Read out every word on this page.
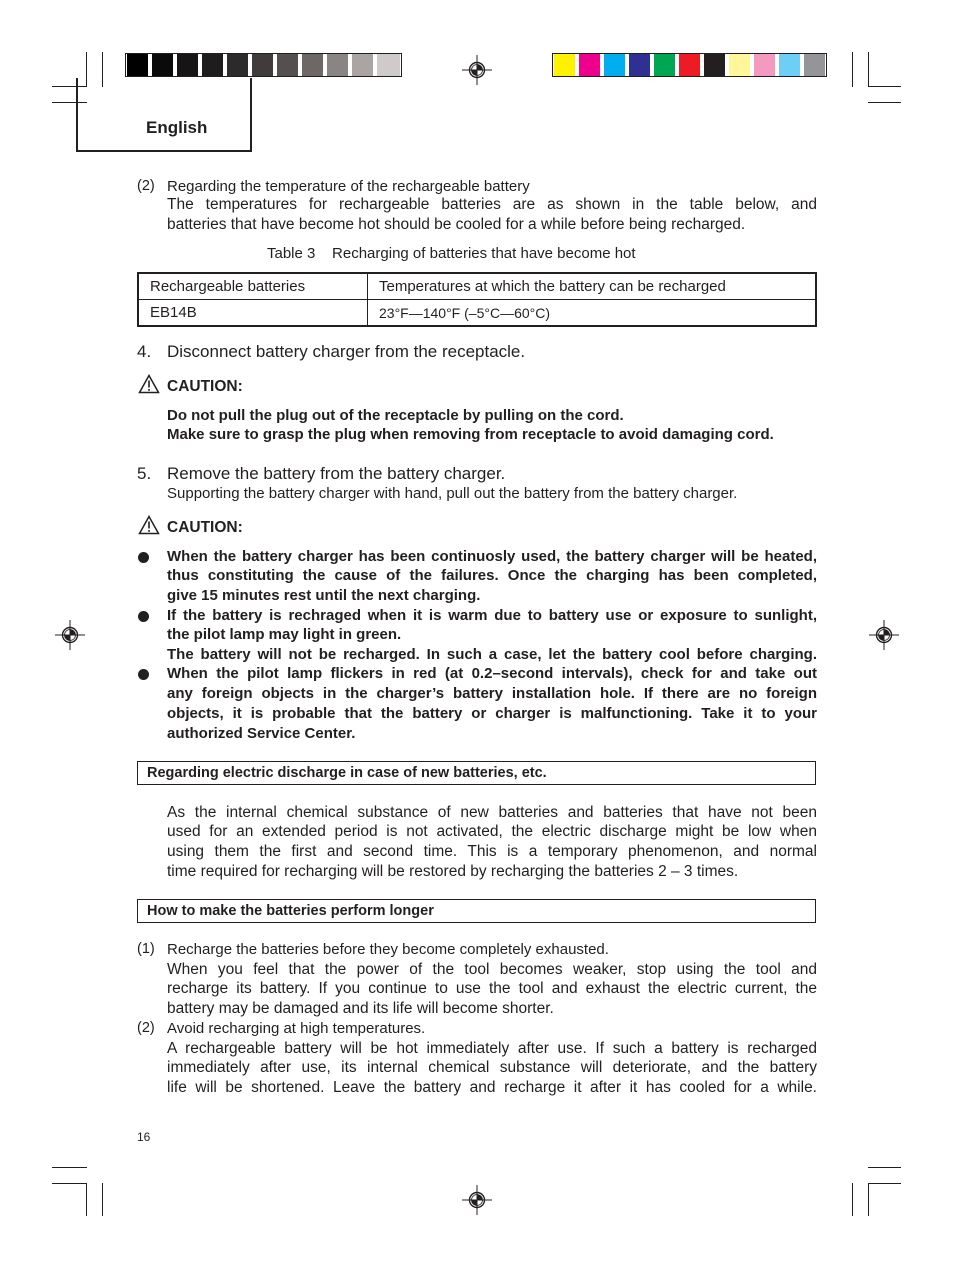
English
(2) Regarding the temperature of the rechargeable battery
The temperatures for rechargeable batteries are as shown in the table below, and
batteries that have become hot should be cooled for a while before being recharged.
Table 3    Recharging of batteries that have become hot
Rechargeable batteries	Temperatures at which the battery can be recharged
EB14B	23°F—140°F (–5°C—60°C)
4. Disconnect battery charger from the receptacle.
CAUTION:
Do not pull the plug out of the receptacle by pulling on the cord.
Make sure to grasp the plug when removing from receptacle to avoid damaging cord.
5. Remove the battery from the battery charger.
Supporting the battery charger with hand, pull out the battery from the battery charger.
CAUTION:
When the battery charger has been continuosly used, the battery charger will be heated,
thus constituting the cause of the failures. Once the charging has been completed,
give 15 minutes rest until the next charging.
If the battery is rechraged when it is warm due to battery use or exposure to sunlight,
the pilot lamp may light in green.
The battery will not be recharged. In such a case, let the battery cool before charging.
When the pilot lamp flickers in red (at 0.2–second intervals), check for and take out
any foreign objects in the charger’s battery installation hole. If there are no foreign
objects, it is probable that the battery or charger is malfunctioning. Take it to your
authorized Service Center.
Regarding electric discharge in case of new batteries, etc.
As the internal chemical substance of new batteries and batteries that have not been
used for an extended period is not activated, the electric discharge might be low when
using them the first and second time. This is a temporary phenomenon, and normal
time required for recharging will be restored by recharging the batteries 2 – 3 times.
How to make the batteries perform longer
(1) Recharge the batteries before they become completely exhausted.
When you feel that the power of the tool becomes weaker, stop using the tool and
recharge its battery. If you continue to use the tool and exhaust the electric current, the
battery may be damaged and its life will become shorter.
(2) Avoid recharging at high temperatures.
A rechargeable battery will be hot immediately after use. If such a battery is recharged
immediately after use, its internal chemical substance will deteriorate, and the battery
life will be shortened. Leave the battery and recharge it after it has cooled for a while.
16
